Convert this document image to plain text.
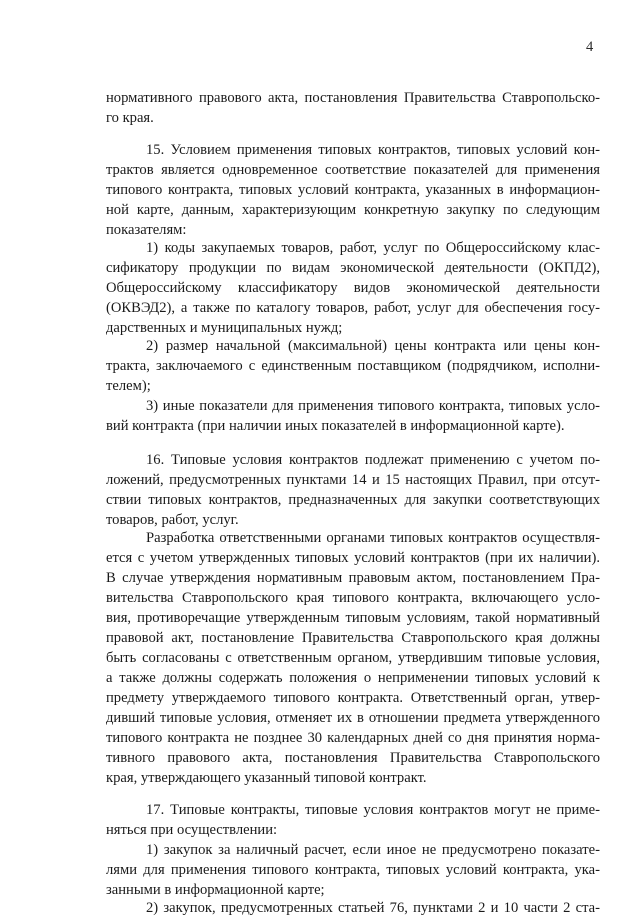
4
нормативного правового акта, постановления Правительства Ставропольско-
го края.
15. Условием применения типовых контрактов, типовых условий кон-
трактов является одновременное соответствие показателей для применения
типового контракта, типовых условий контракта, указанных в информацион-
ной карте, данным, характеризующим конкретную закупку по следующим
показателям:
1) коды закупаемых товаров, работ, услуг по Общероссийскому клас-
сификатору продукции по видам экономической деятельности (ОКПД2),
Общероссийскому классификатору видов экономической деятельности
(ОКВЭД2), а также по каталогу товаров, работ, услуг для обеспечения госу-
дарственных и муниципальных нужд;
2) размер начальной (максимальной) цены контракта или цены кон-
тракта, заключаемого с единственным поставщиком (подрядчиком, исполни-
телем);
3) иные показатели для применения типового контракта, типовых усло-
вий контракта (при наличии иных показателей в информационной карте).
16. Типовые условия контрактов подлежат применению с учетом по-
ложений, предусмотренных пунктами 14 и 15 настоящих Правил, при отсут-
ствии типовых контрактов, предназначенных для закупки соответствующих
товаров, работ, услуг.
Разработка ответственными органами типовых контрактов осуществля-
ется с учетом утвержденных типовых условий контрактов (при их наличии).
В случае утверждения нормативным правовым актом, постановлением Пра-
вительства Ставропольского края типового контракта, включающего усло-
вия, противоречащие утвержденным типовым условиям, такой нормативный
правовой акт, постановление Правительства Ставропольского края должны
быть согласованы с ответственным органом, утвердившим типовые условия,
а также должны содержать положения о неприменении типовых условий к
предмету утверждаемого типового контракта. Ответственный орган, утвер-
дивший типовые условия, отменяет их в отношении предмета утвержденного
типового контракта не позднее 30 календарных дней со дня принятия норма-
тивного правового акта, постановления Правительства Ставропольского
края, утверждающего указанный типовой контракт.
17. Типовые контракты, типовые условия контрактов могут не приме-
няться при осуществлении:
1) закупок за наличный расчет, если иное не предусмотрено показате-
лями для применения типового контракта, типовых условий контракта, ука-
занными в информационной карте;
2) закупок, предусмотренных статьей 76, пунктами 2 и 10 части 2 ста-
